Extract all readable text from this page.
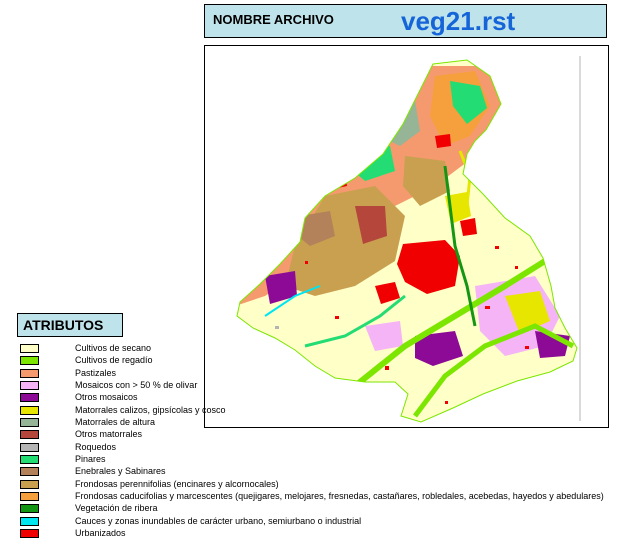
NOMBRE ARCHIVO	veg21.rst
ATRIBUTOS
Cultivos de secano
Cultivos de regadío
Pastizales
Mosaicos con > 50 % de olivar
Otros mosaicos
Matorrales calizos, gipsícolas y cosco
Matorrales de altura
Otros matorrales
Roquedos
Pinares
Enebrales y Sabinares
Frondosas perennifolias (encinares y alcornocales)
Frondosas caducifolias y marcescentes (quejigares, melojares, fresnedas, castañares, robledales, acebedas, hayedos y abedulares)
Vegetación de ribera
Cauces y zonas inundables de carácter urbano, semiurbano o industrial
Urbanizados
